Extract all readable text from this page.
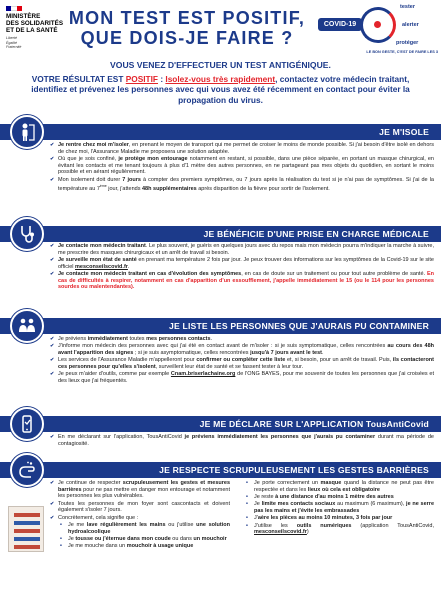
MINISTÈRE
DES SOLIDARITÉS
ET DE LA SANTÉ
Liberté
Égalité
Fraternité
MON TEST EST POSITIF,
QUE DOIS-JE FAIRE ?
tester
COVID-19	alerter
protéger
LE BON GESTE, C'EST DE FAIRE LES 3
VOUS VENEZ D'EFFECTUER UN TEST ANTIGÉNIQUE.
VOTRE RÉSULTAT EST POSITIF : Isolez-vous très rapidement, contactez votre médecin traitant, identifiez et prévenez les personnes avec qui vous avez été récemment en contact pour éviter la propagation du virus.
JE M'ISOLE
✔ Je rentre chez moi m'isoler, en prenant le moyen de transport qui me permet de croiser le moins de monde possible. Si j'ai besoin d'être isolé en dehors de chez moi, l'Assurance Maladie me proposera une solution adaptée.
✔ Où que je sois confiné, je protège mon entourage notamment en restant, si possible, dans une pièce séparée, en portant un masque chirurgical, en évitant les contacts et me tenant toujours à plus d'1 mètre des autres personnes, en ne partageant pas mes objets du quotidien, en sortant le moins possible et en aérant régulièrement.
✔ Mon isolement doit durer 7 jours à compter des premiers symptômes, ou 7 jours après la réalisation du test si je n'ai pas de symptômes. Si j'ai de la température au 7ème jour, j'attends 48h supplémentaires après disparition de la fièvre pour sortir de l'isolement.
JE BÉNÉFICIE D'UNE PRISE EN CHARGE MÉDICALE
✔ Je contacte mon médecin traitant. Le plus souvent, je guéris en quelques jours avec du repos mais mon médecin pourra m'indiquer la marche à suivre, me prescrire des masques chirurgicaux et un arrêt de travail si besoin.
✔ Je surveille mon état de santé en prenant ma température 2 fois par jour. Je peux trouver des informations sur les symptômes de la Covid-19 sur le site officiel mesconseilscovid.fr.
✔ Je contacte mon médecin traitant en cas d'évolution des symptômes, en cas de doute sur un traitement ou pour tout autre problème de santé. En cas de difficultés à respirer, notamment en cas d'apparition d'un essoufflement, j'appelle immédiatement le 15 (ou le 114 pour les personnes sourdes ou malentendantes).
JE LISTE LES PERSONNES QUE J'AURAIS PU CONTAMINER
✔ Je préviens immédiatement toutes mes personnes contacts.
✔ J'informe mon médecin des personnes avec qui j'ai été en contact avant de m'isoler : si je suis symptomatique, celles rencontrées au cours des 48h avant l'apparition des signes ; si je suis asymptomatique, celles rencontrées jusqu'à 7 jours avant le test.
✔ Les services de l'Assurance Maladie m'appelleront pour confirmer ou compléter cette liste et, si besoin, pour un arrêt de travail. Puis, ils contacteront ces personnes pour qu'elles s'isolent, surveillent leur état de santé et se fassent tester à leur tour.
✔ Je peux m'aider d'outils, comme par exemple Cnam.briserlachaine.org de l'ONG BAYES, pour me souvenir de toutes les personnes que j'ai croisées et des lieux que j'ai fréquentés.
JE ME DÉCLARE SUR L'APPLICATION TousAntiCovid
✔ En me déclarant sur l'application, TousAntiCovid je préviens immédiatement les personnes que j'aurais pu contaminer durant ma période de contagiosité.
JE RESPECTE SCRUPULEUSEMENT LES GESTES BARRIÈRES
✔ Je continue de respecter scrupuleusement les gestes et mesures barrières pour ne pas mettre en danger mon entourage et notamment les personnes les plus vulnérables.
✔ Toutes les personnes de mon foyer sont cascontacts et doivent également s'isoler 7 jours.
✔ Concrètement, cela signifie que :
• Je me lave régulièrement les mains ou j'utilise une solution hydroalcoolique
• Je tousse ou j'éternue dans mon coude ou dans un mouchoir
• Je me mouche dans un mouchoir à usage unique
• Je porte correctement un masque quand la distance ne peut pas être respectée et dans les lieux où cela est obligatoire
• Je reste à une distance d'au moins 1 mètre des autres
• Je limite mes contacts sociaux au maximum (6 maximum), je ne serre pas les mains et j'évite les embrassades
• J'aère les pièces au moins 10 minutes, 3 fois par jour
• J'utilise les outils numériques (application TousAntiCovid, mesconseilscovid.fr)
